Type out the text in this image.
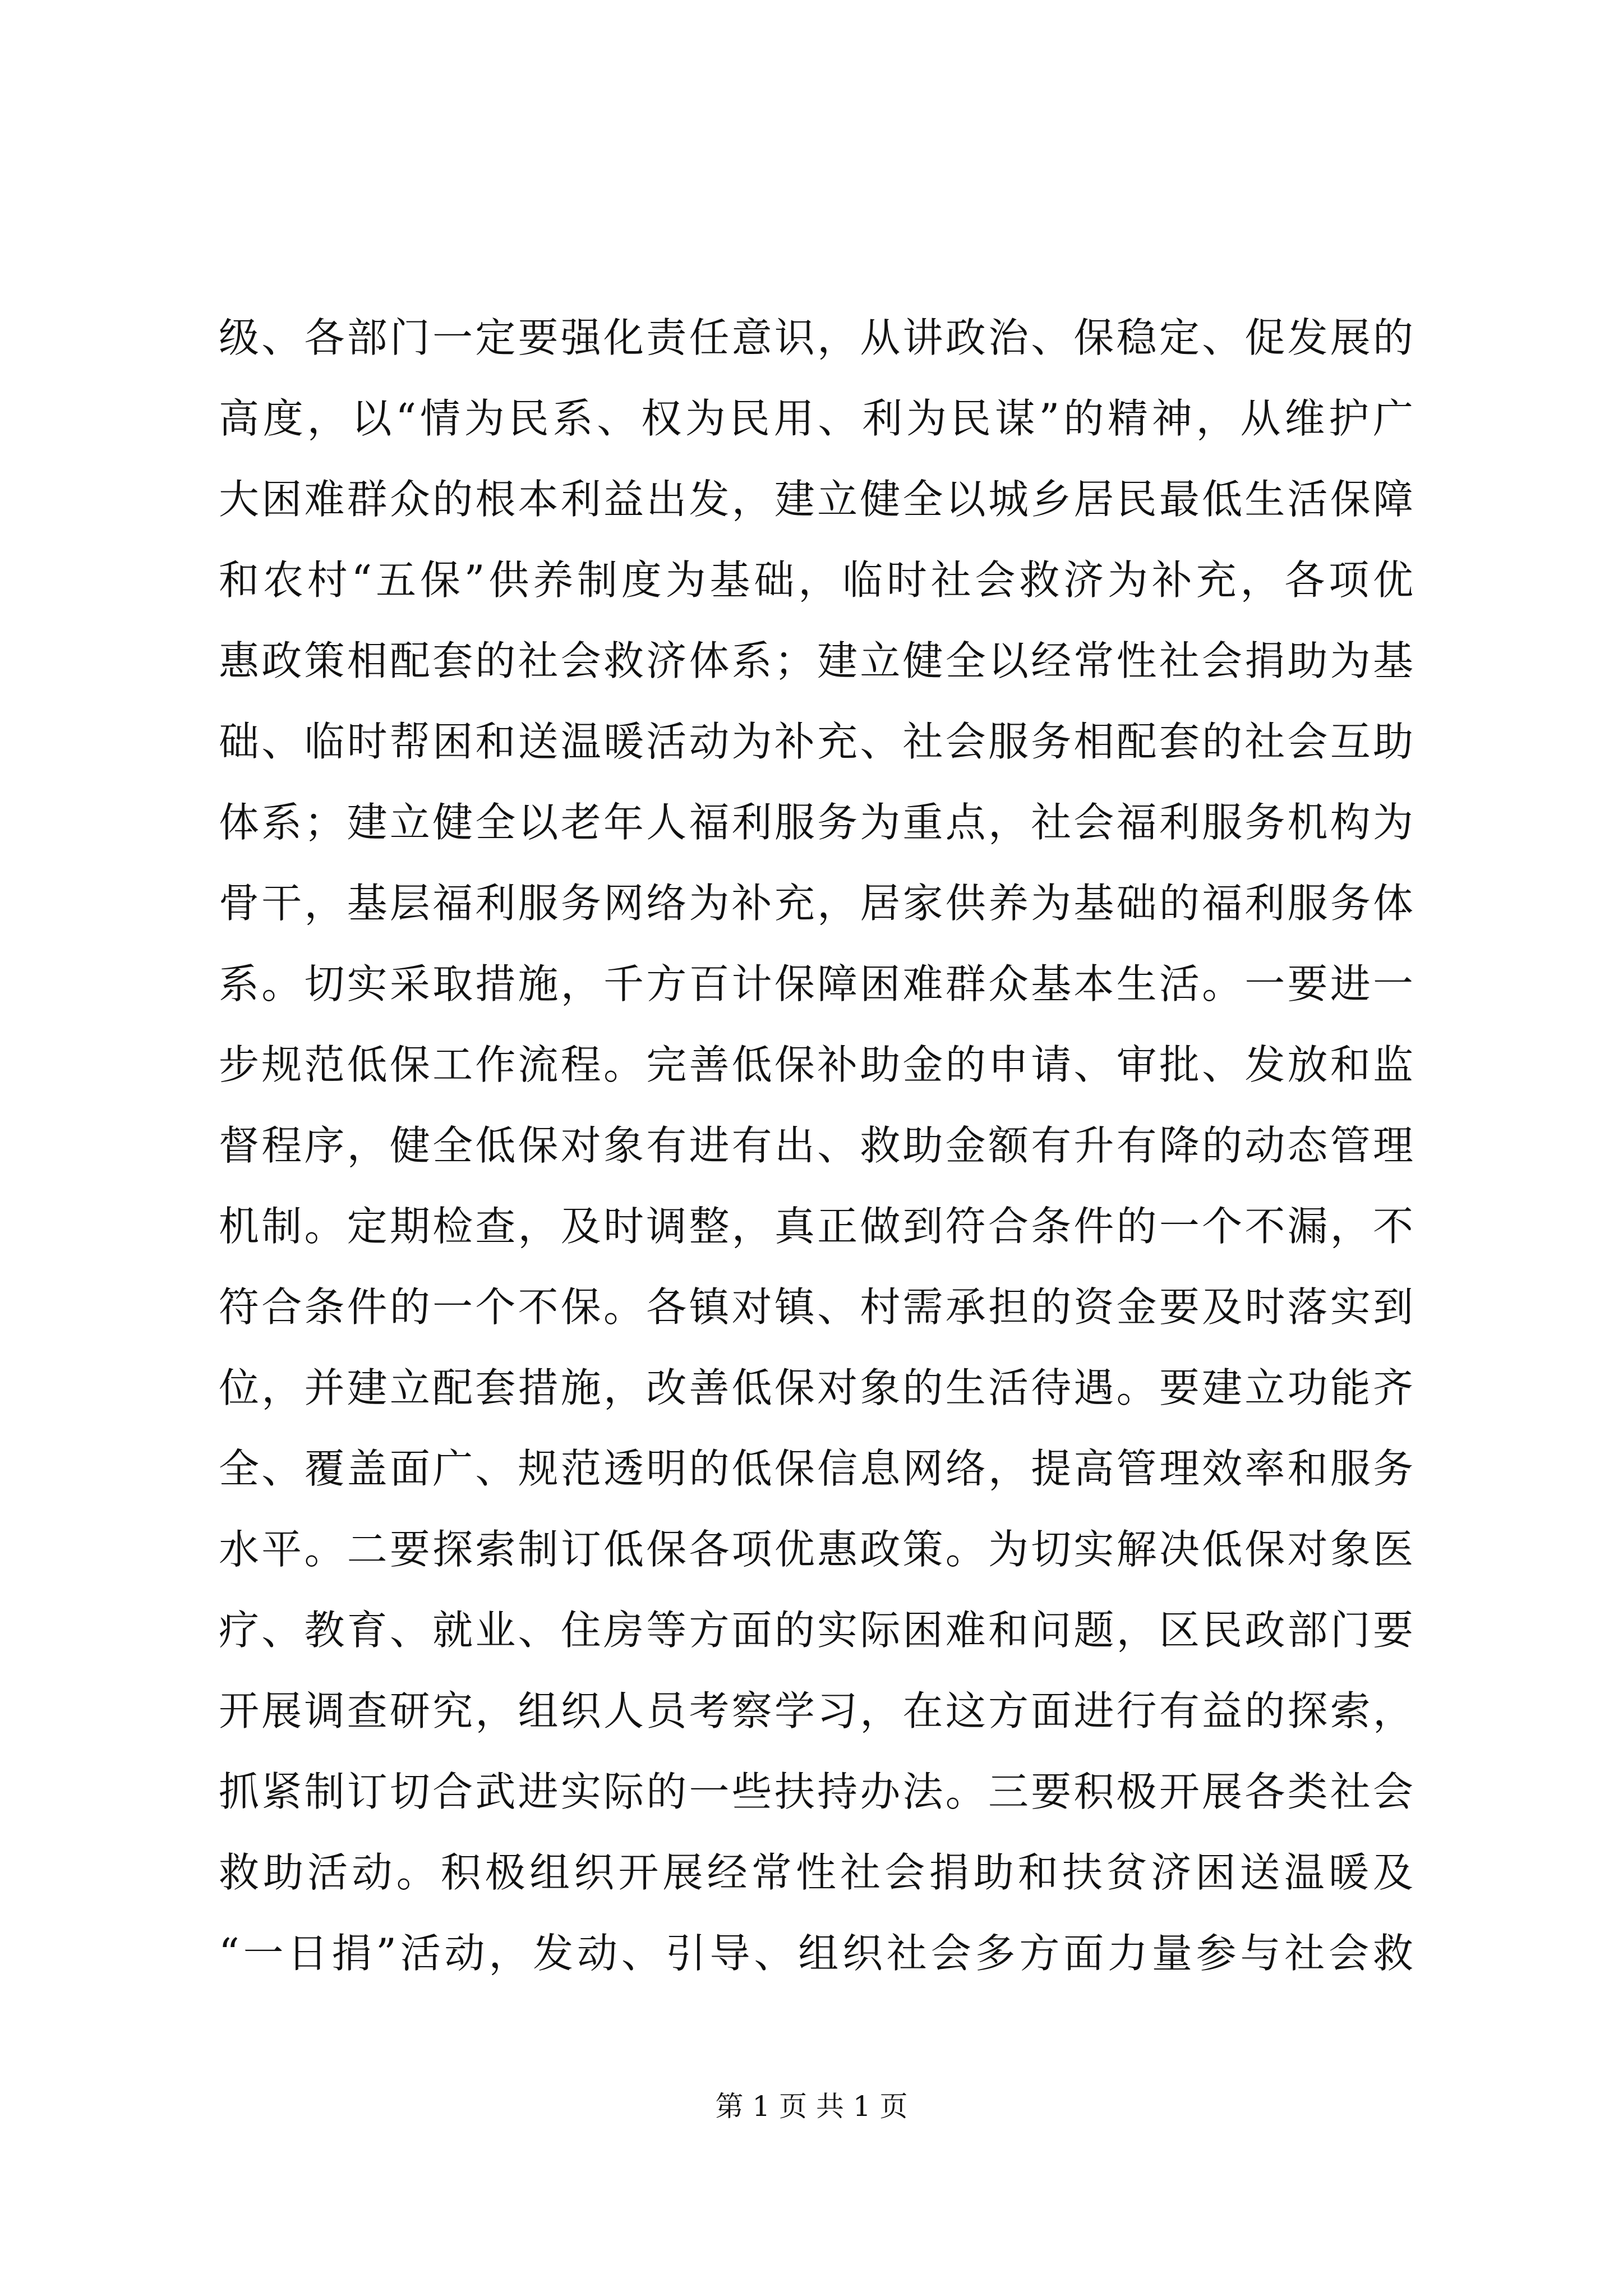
级、各部门一定要强化责任意识，从讲政治、保稳定、促发展的
高度，以“情为民系、权为民用、利为民谋”的精神，从维护广
大困难群众的根本利益出发，建立健全以城乡居民最低生活保障
和农村“五保”供养制度为基础，临时社会救济为补充，各项优
惠政策相配套的社会救济体系；建立健全以经常性社会捐助为基
础、临时帮困和送温暖活动为补充、社会服务相配套的社会互助
体系；建立健全以老年人福利服务为重点，社会福利服务机构为
骨干，基层福利服务网络为补充，居家供养为基础的福利服务体
系。切实采取措施，千方百计保障困难群众基本生活。一要进一
步规范低保工作流程。完善低保补助金的申请、审批、发放和监
督程序，健全低保对象有进有出、救助金额有升有降的动态管理
机制。定期检查，及时调整，真正做到符合条件的一个不漏，不
符合条件的一个不保。各镇对镇、村需承担的资金要及时落实到
位，并建立配套措施，改善低保对象的生活待遇。要建立功能齐
全、覆盖面广、规范透明的低保信息网络，提高管理效率和服务
水平。二要探索制订低保各项优惠政策。为切实解决低保对象医
疗、教育、就业、住房等方面的实际困难和问题，区民政部门要
开展调查研究，组织人员考察学习，在这方面进行有益的探索，
抓紧制订切合武进实际的一些扶持办法。三要积极开展各类社会
救助活动。积极组织开展经常性社会捐助和扶贫济困送温暖及
“一日捐”活动，发动、引导、组织社会多方面力量参与社会救
第 1 页 共 1 页
